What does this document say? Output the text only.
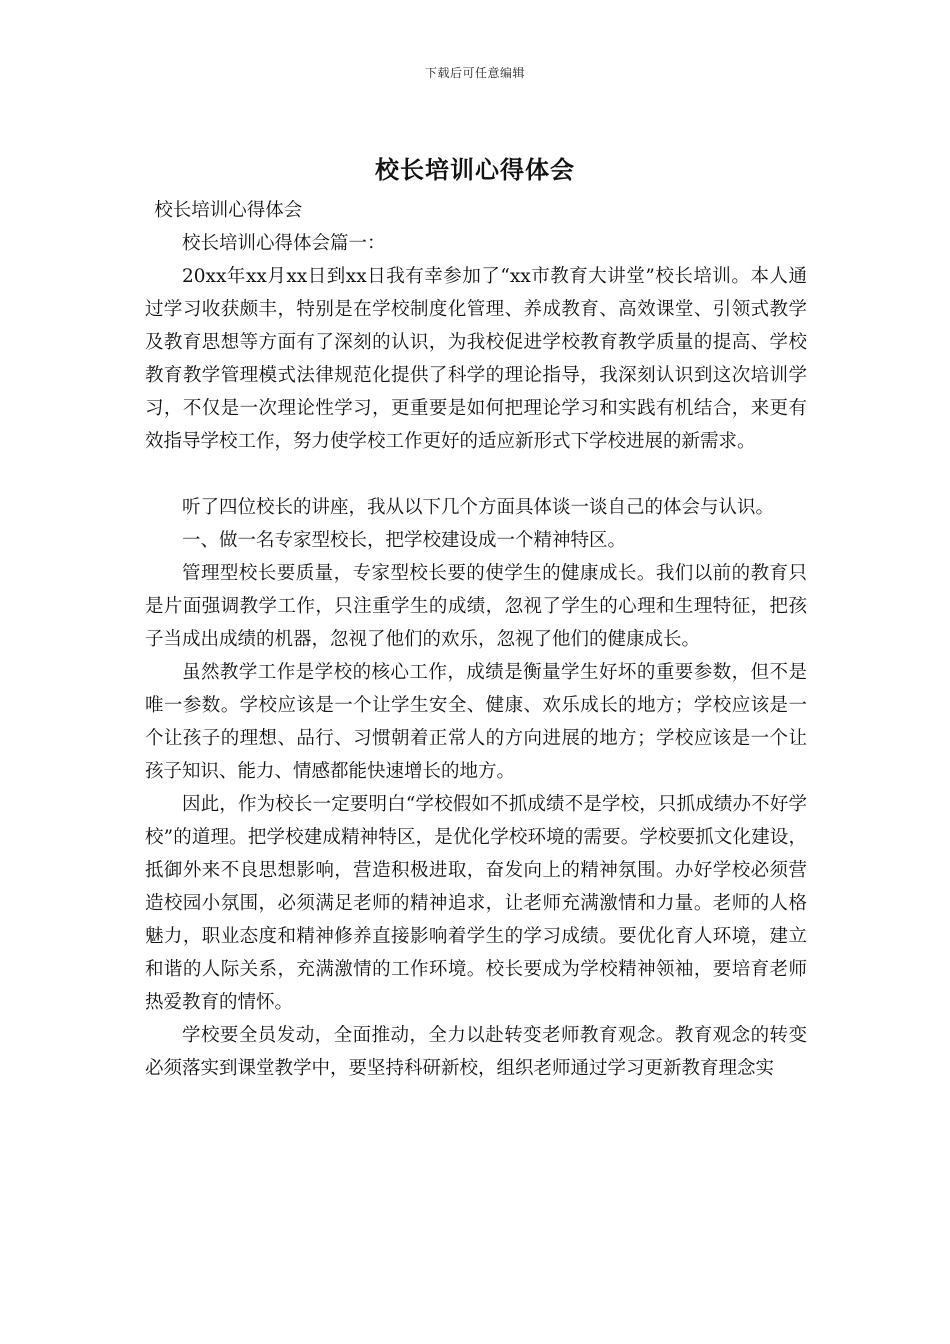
下载后可任意编辑
校长培训心得体会

校长培训心得体会

校长培训心得体会篇一：

20xx年xx月xx日到xx日我有幸参加了“xx市教育大讲堂”校长培训。本人通过学习收获颇丰，特别是在学校制度化管理、养成教育、高效课堂、引领式教学及教育思想等方面有了深刻的认识，为我校促进学校教育教学质量的提高、学校教育教学管理模式法律规范化提供了科学的理论指导，我深刻认识到这次培训学习，不仅是一次理论性学习，更重要是如何把理论学习和实践有机结合，来更有效指导学校工作，努力使学校工作更好的适应新形式下学校进展的新需求。

听了四位校长的讲座，我从以下几个方面具体谈一谈自己的体会与认识。

一、做一名专家型校长，把学校建设成一个精神特区。

管理型校长要质量，专家型校长要的使学生的健康成长。我们以前的教育只是片面强调教学工作，只注重学生的成绩，忽视了学生的心理和生理特征，把孩子当成出成绩的机器，忽视了他们的欢乐，忽视了他们的健康成长。

虽然教学工作是学校的核心工作，成绩是衡量学生好坏的重要参数，但不是唯一参数。学校应该是一个让学生安全、健康、欢乐成长的地方；学校应该是一个让孩子的理想、品行、习惯朝着正常人的方向进展的地方；学校应该是一个让孩子知识、能力、情感都能快速增长的地方。

因此，作为校长一定要明白“学校假如不抓成绩不是学校，只抓成绩办不好学校”的道理。把学校建成精神特区，是优化学校环境的需要。学校要抓文化建设，抵御外来不良思想影响，营造积极进取，奋发向上的精神氛围。办好学校必须营造校园小氛围，必须满足老师的精神追求，让老师充满激情和力量。老师的人格魅力，职业态度和精神修养直接影响着学生的学习成绩。要优化育人环境，建立和谐的人际关系，充满激情的工作环境。校长要成为学校精神领袖，要培育老师热爱教育的情怀。

学校要全员发动，全面推动，全力以赴转变老师教育观念。教育观念的转变必须落实到课堂教学中，要坚持科研新校，组织老师通过学习更新教育理念实
